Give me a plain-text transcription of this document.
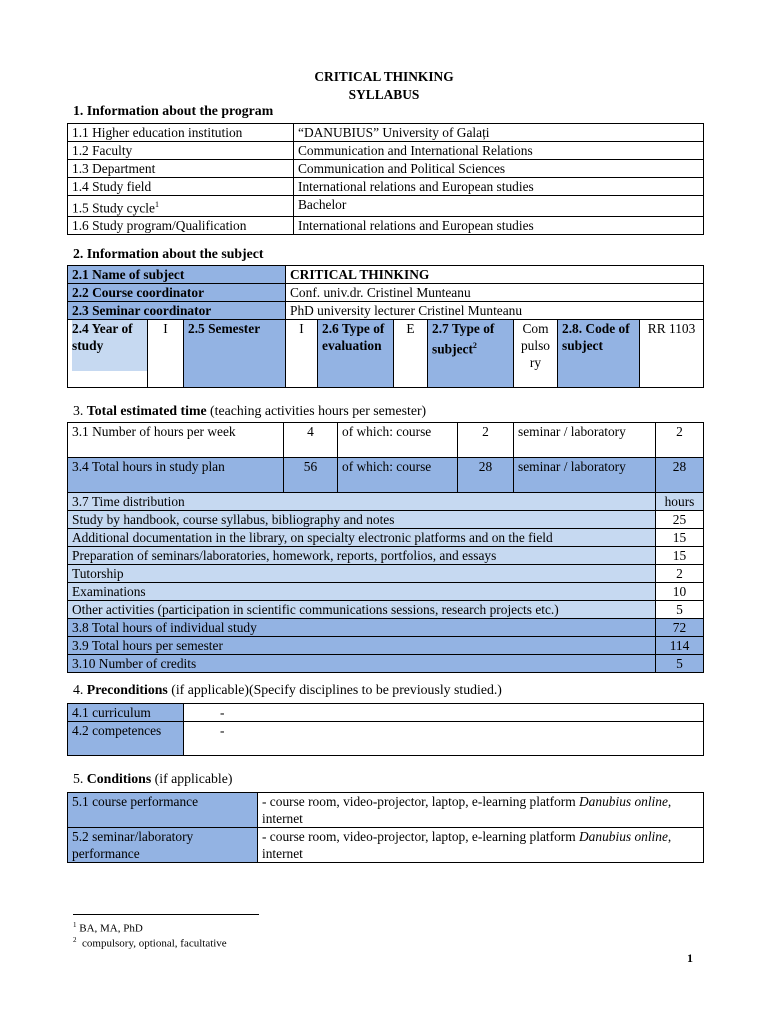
CRITICAL THINKING
SYLLABUS
1. Information about the program
1.1 Higher education institution	“DANUBIUS” University of Galați
1.2 Faculty	Communication and International Relations
1.3 Department	Communication and Political Sciences
1.4 Study field	International relations and European studies
1.5 Study cycle$^1$	Bachelor
1.6 Study program/Qualification	International relations and European studies
2. Information about the subject
2.1 Name of subject			CRITICAL THINKING						
2.2 Course coordinator			Conf. univ.dr. Cristinel Munteanu						
2.3 Seminar coordinator			PhD university lecturer Cristinel Munteanu						

2.4 Year of study	I	2.5 Semester	I	2.6 Type of evaluation	E	2.7 Type of subject$^2$	Compulsory	2.8. Code of subject	RR 1103
3. Total estimated time (teaching activities hours per semester)
3.1 Number of hours per week	4	of which: course	2	seminar / laboratory	2
3.4 Total hours in study plan	56	of which: course	28	seminar / laboratory	28
3.7 Time distribution					hours
Study by handbook, course syllabus, bibliography and notes					25
Additional documentation in the library, on specialty electronic platforms and on the field					15
Preparation of seminars/laboratories, homework, reports, portfolios, and essays					15
Tutorship					2
Examinations					10
Other activities (participation in scientific communications sessions, research projects etc.)					5
3.8 Total hours of individual study					72
3.9 Total hours per semester					114
3.10 Number of credits					5
4. Preconditions (if applicable)(Specify disciplines to be previously studied.)
4.1 curriculum	-
4.2 competences	-
5. Conditions (if applicable)
5.1 course performance	- course room, video-projector, laptop, e-learning platform Danubius online, internet
5.2 seminar/laboratory performance	- course room, video-projector, laptop, e-learning platform Danubius online, internet
$^1$ BA, MA, PhD
$^2$ compulsory, optional, facultative
1
